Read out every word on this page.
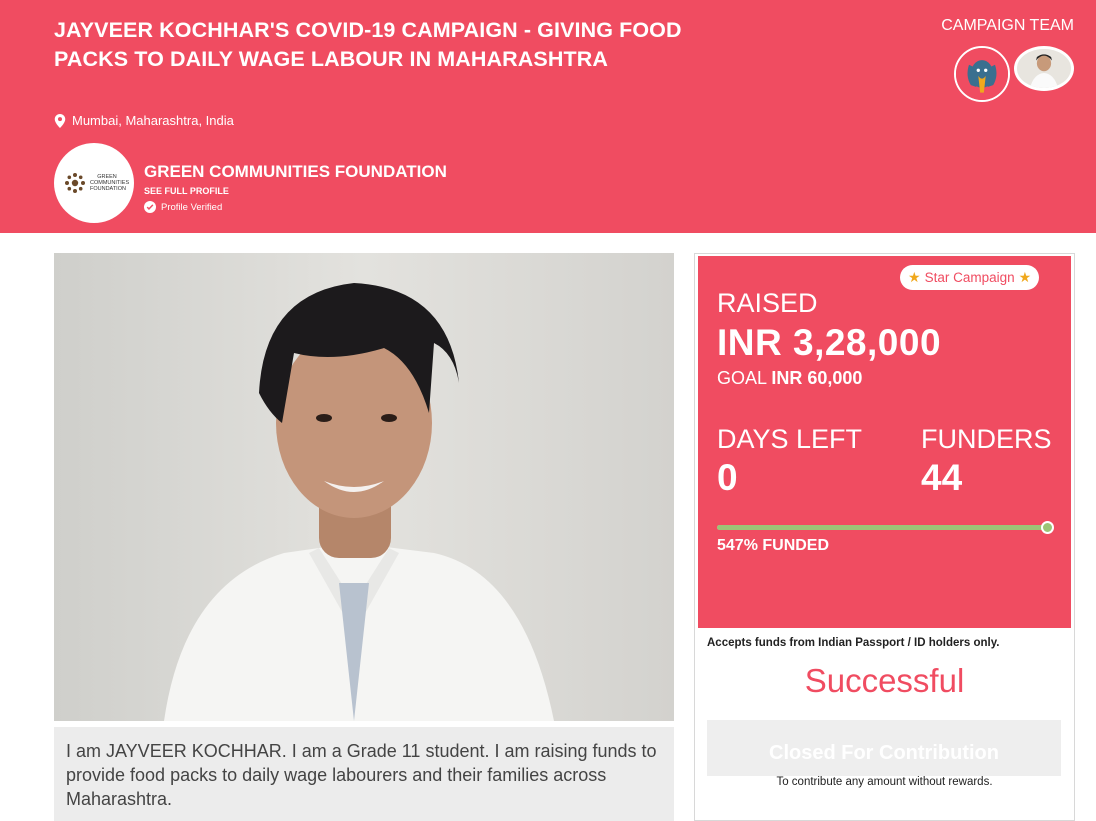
JAYVEER KOCHHAR'S COVID-19 CAMPAIGN - GIVING FOOD PACKS TO DAILY WAGE LABOUR IN MAHARASHTRA
Mumbai, Maharashtra, India
GREEN COMMUNITIES FOUNDATION
GREEN COMMUNITIES FOUNDATION
SEE FULL PROFILE
Profile Verified
CAMPAIGN TEAM
I am JAYVEER KOCHHAR. I am a Grade 11 student. I am raising funds to provide food packs to daily wage labourers and their families across Maharashtra.
★ Star Campaign ★
RAISED
INR 3,28,000
GOAL INR 60,000
DAYS LEFT
0
FUNDERS
44
547% FUNDED
Accepts funds from Indian Passport / ID holders only.
Successful
Closed For Contribution
To contribute any amount without rewards.
